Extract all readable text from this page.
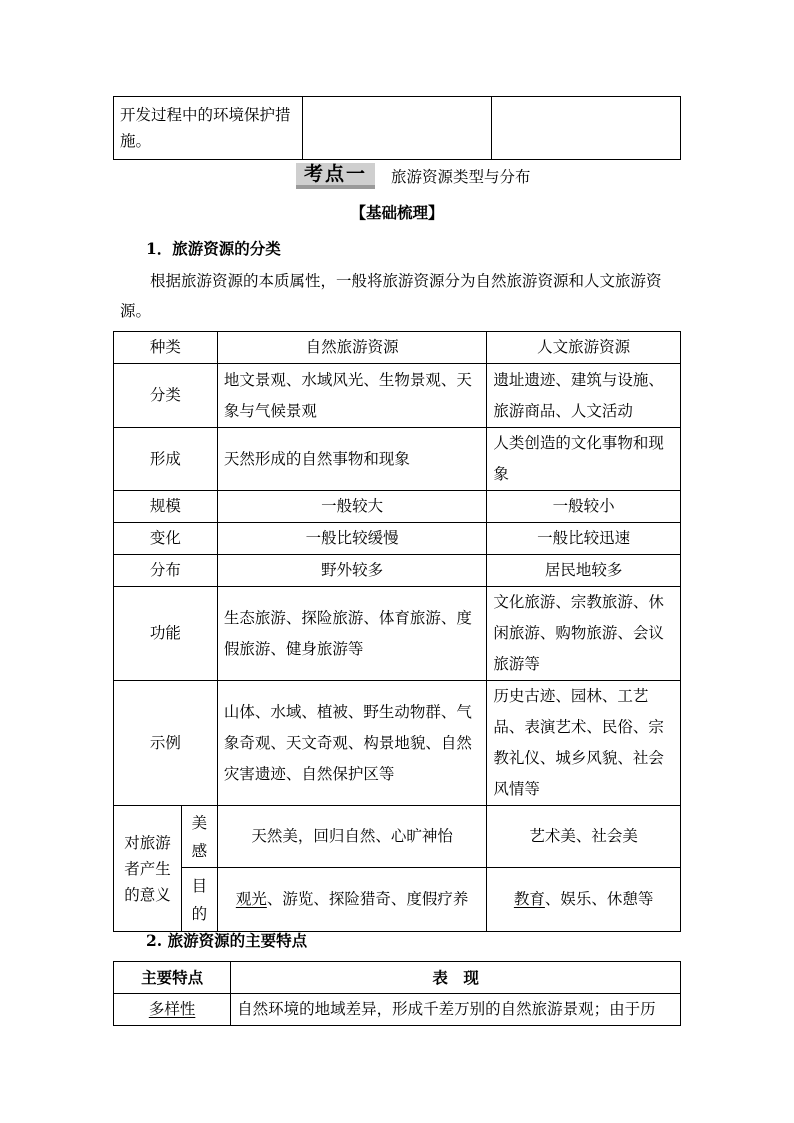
开发过程中的环境保护措施。		
考点一	旅游资源类型与分布
【基础梳理】

1．旅游资源的分类

根据旅游资源的本质属性，一般将旅游资源分为自然旅游资源和人文旅游资源。

种类		自然旅游资源	人文旅游资源
分类		地文景观、水域风光、生物景观、天象与气候景观	遗址遗迹、建筑与设施、旅游商品、人文活动
形成		天然形成的自然事物和现象	人类创造的文化事物和现象
规模		一般较大	一般较小
变化		一般比较缓慢	一般比较迅速
分布		野外较多	居民地较多
功能		生态旅游、探险旅游、体育旅游、度假旅游、健身旅游等	文化旅游、宗教旅游、休闲旅游、购物旅游、会议旅游等
示例		山体、水域、植被、野生动物群、气象奇观、天文奇观、构景地貌、自然灾害遗迹、自然保护区等	历史古迹、园林、工艺品、表演艺术、民俗、宗教礼仪、城乡风貌、社会风情等
对旅游者产生的意义	美感	天然美，回归自然、心旷神怡	艺术美、社会美
	目的	观光、游览、探险猎奇、度假疗养	教育、娱乐、休憩等

2. 旅游资源的主要特点

主要特点	表　现
多样性	自然环境的地域差异，形成千差万别的自然旅游景观；由于历
